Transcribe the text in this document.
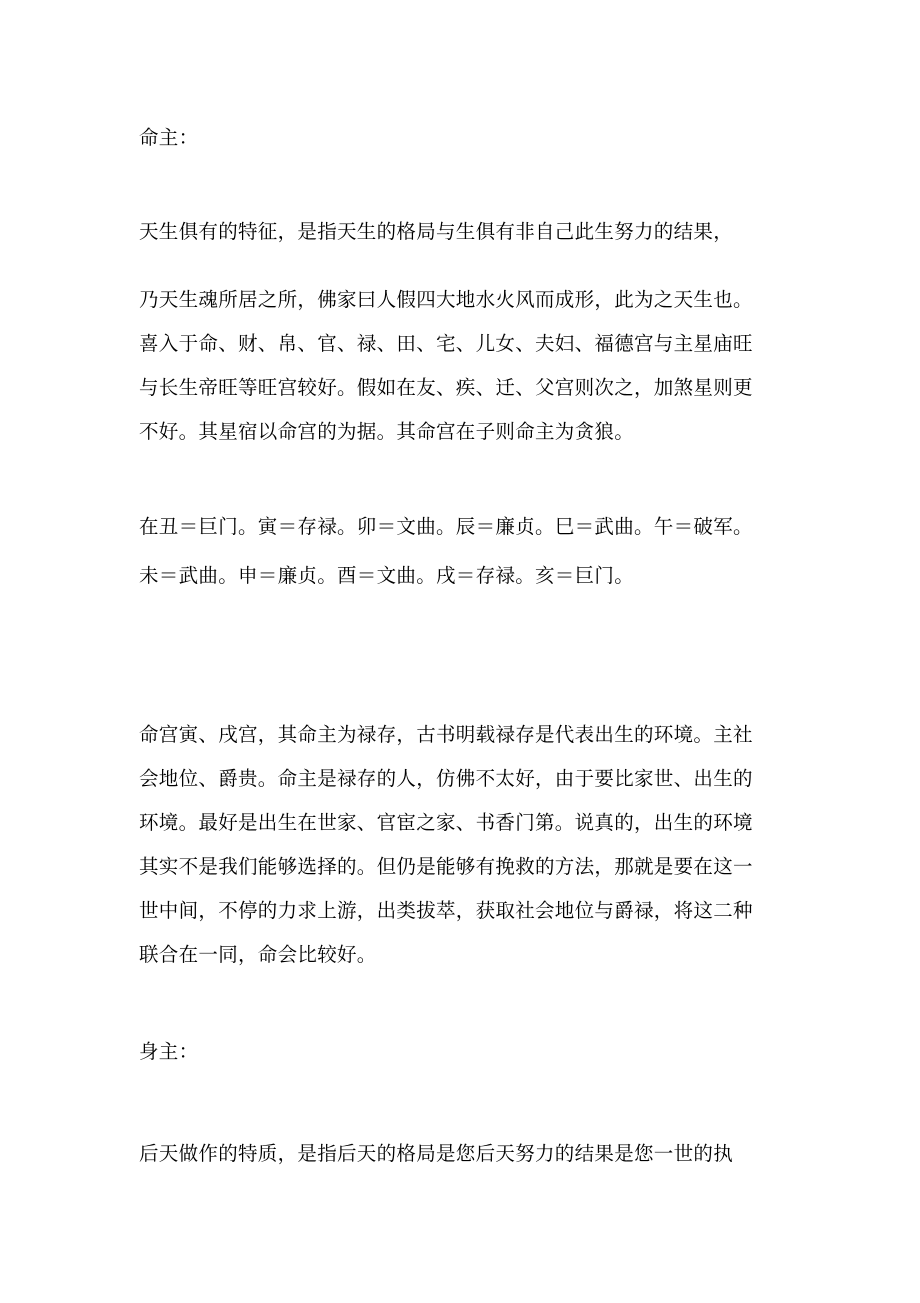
命主：

天生俱有的特征，是指天生的格局与生俱有非自己此生努力的结果，

乃天生魂所居之所，佛家曰人假四大地水火风而成形，此为之天生也。

喜入于命、财、帛、官、禄、田、宅、儿女、夫妇、福德宫与主星庙旺

与长生帝旺等旺宫较好。假如在友、疾、迁、父宫则次之，加煞星则更

不好。其星宿以命宫的为据。其命宫在子则命主为贪狼。

在丑＝巨门。寅＝存禄。卯＝文曲。辰＝廉贞。巳＝武曲。午＝破军。

未＝武曲。申＝廉贞。酉＝文曲。戌＝存禄。亥＝巨门。

命宫寅、戌宫，其命主为禄存，古书明载禄存是代表出生的环境。主社

会地位、爵贵。命主是禄存的人，仿佛不太好，由于要比家世、出生的

环境。最好是出生在世家、官宦之家、书香门第。说真的，出生的环境

其实不是我们能够选择的。但仍是能够有挽救的方法，那就是要在这一

世中间，不停的力求上游，出类拔萃，获取社会地位与爵禄，将这二种

联合在一同，命会比较好。

身主：

后天做作的特质，是指后天的格局是您后天努力的结果是您一世的执
